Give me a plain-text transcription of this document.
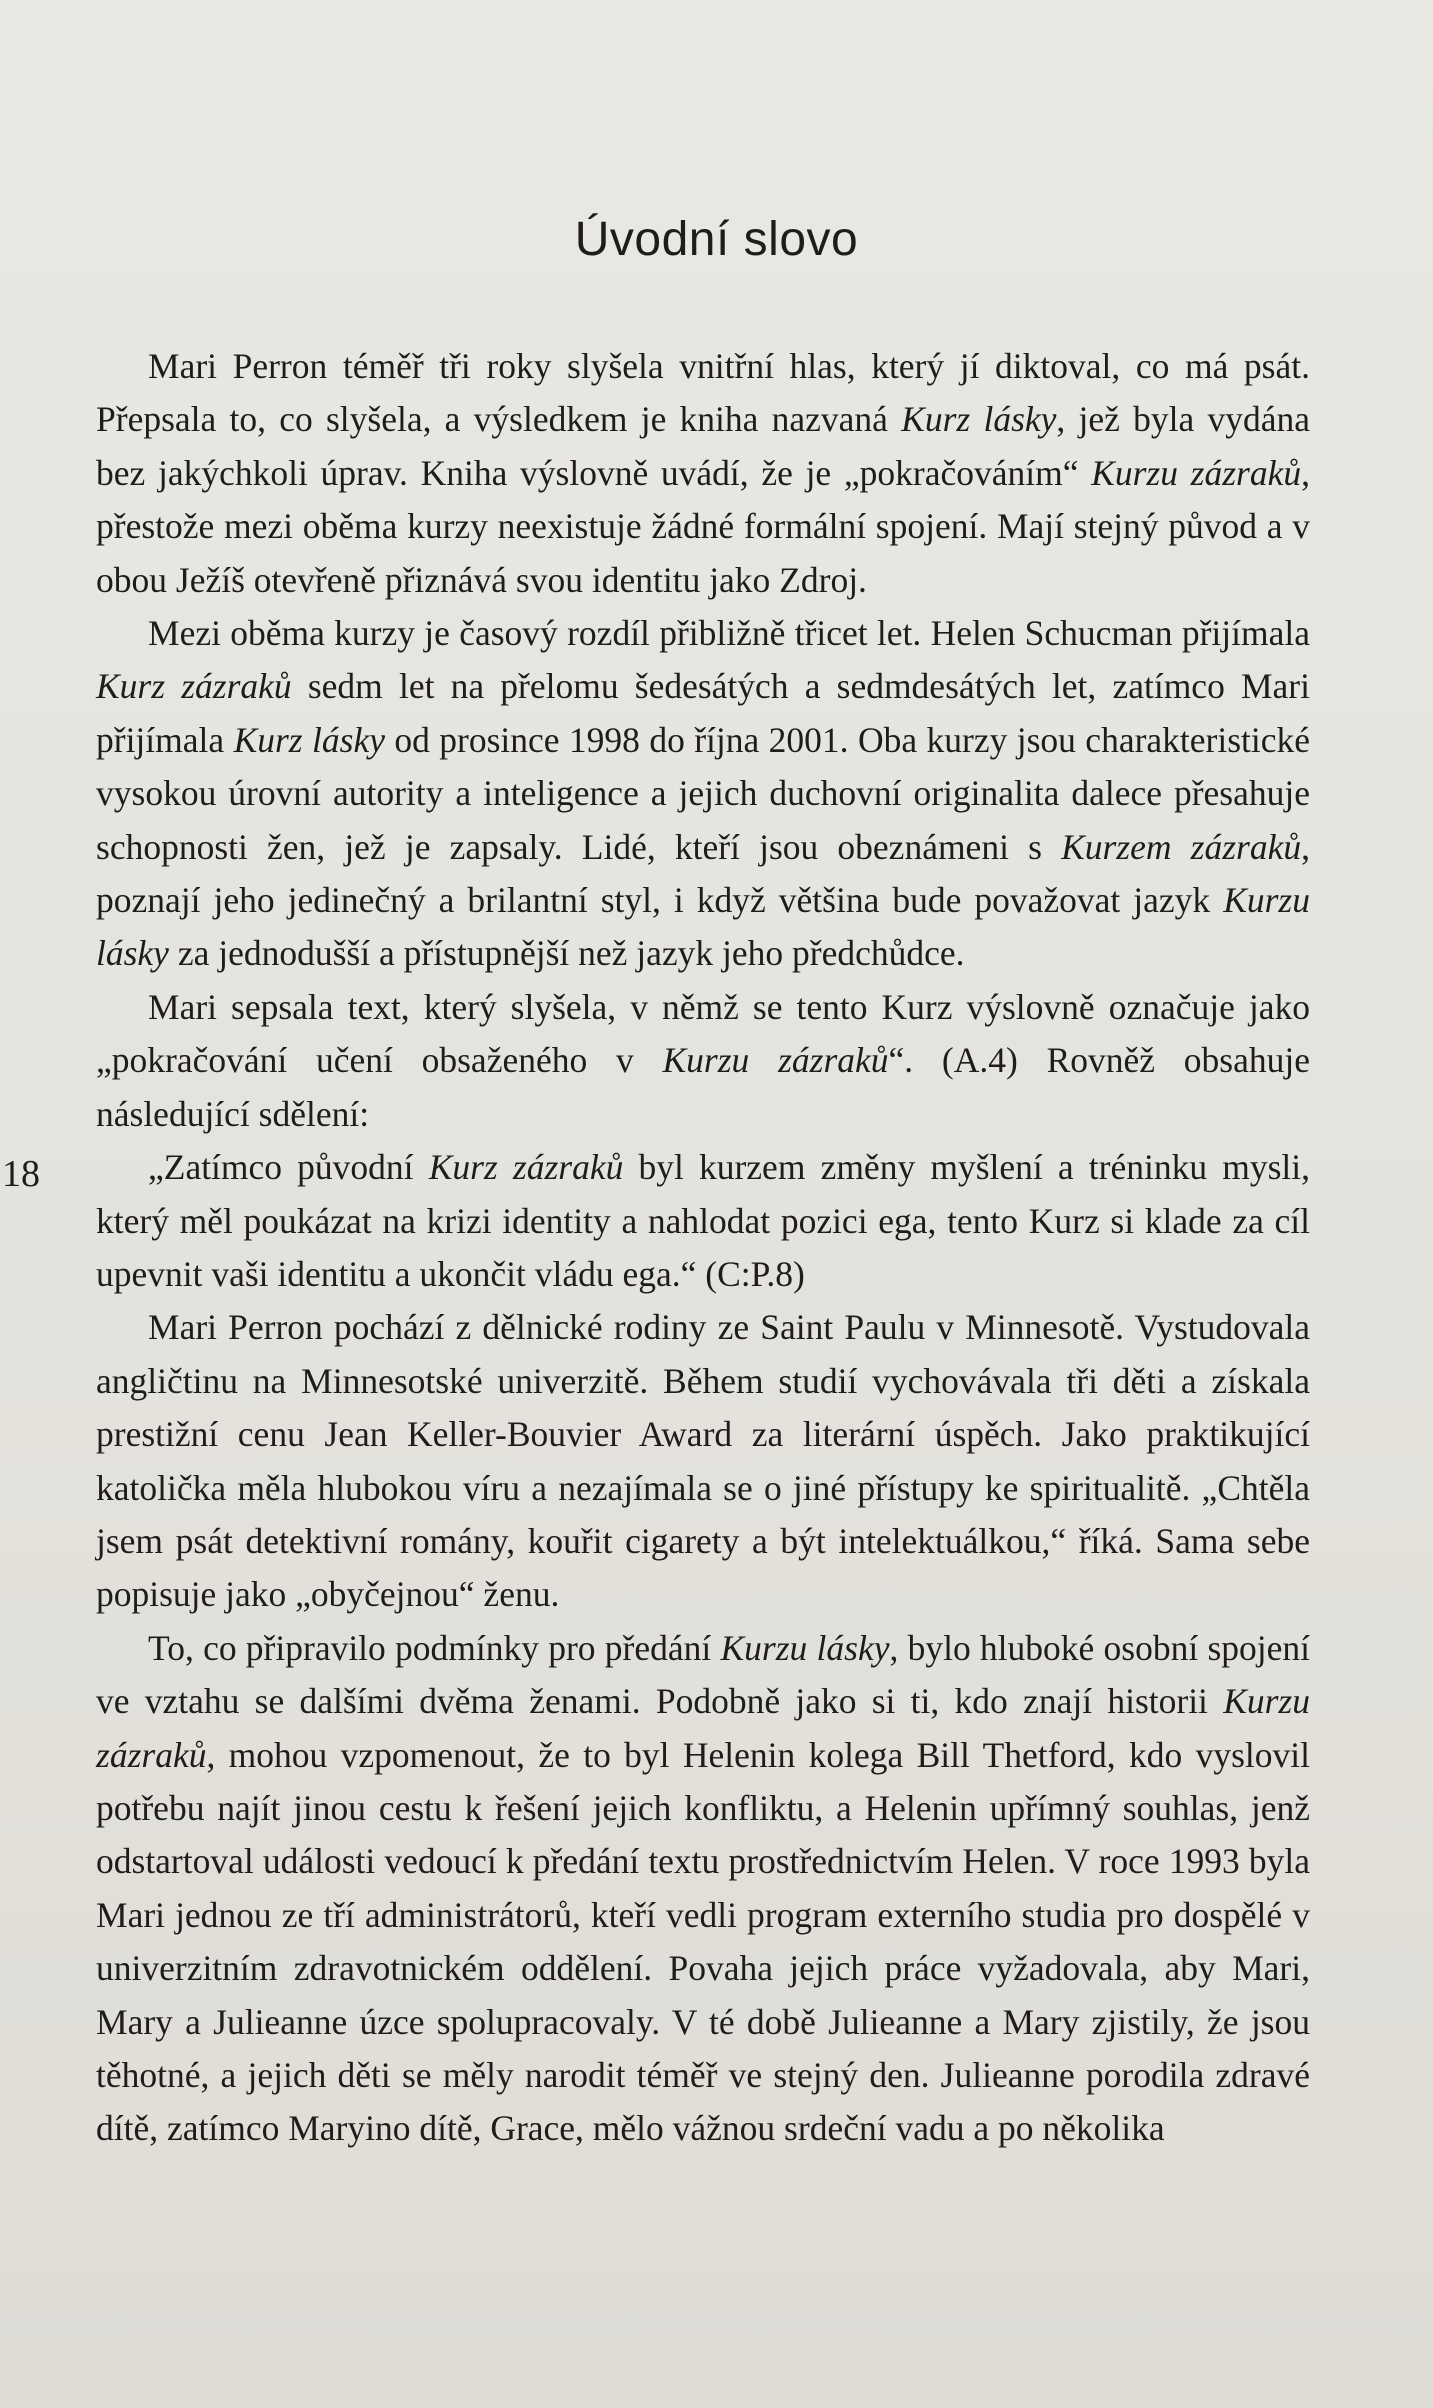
Úvodní slovo
18

Mari Perron téměř tři roky slyšela vnitřní hlas, který jí diktoval, co má psát. Přepsala to, co slyšela, a výsledkem je kniha nazvaná Kurz lásky, jež byla vydána bez jakýchkoli úprav. Kniha výslovně uvádí, že je „pokračováním“ Kurzu zázraků, přestože mezi oběma kurzy neexistuje žádné formální spojení. Mají stejný původ a v obou Ježíš otevřeně přiznává svou identitu jako Zdroj.

Mezi oběma kurzy je časový rozdíl přibližně třicet let. Helen Schucman přijímala Kurz zázraků sedm let na přelomu šedesátých a sedmdesátých let, zatímco Mari přijímala Kurz lásky od prosince 1998 do října 2001. Oba kurzy jsou charakteristické vysokou úrovní autority a inteligence a jejich duchovní originalita dalece přesahuje schopnosti žen, jež je zapsaly. Lidé, kteří jsou obeznámeni s Kurzem zázraků, poznají jeho jedinečný a brilantní styl, i když většina bude považovat jazyk Kurzu lásky za jednodušší a přístupnější než jazyk jeho předchůdce.

Mari sepsala text, který slyšela, v němž se tento Kurz výslovně označuje jako „pokračování učení obsaženého v Kurzu zázraků“. (A.4) Rovněž obsahuje následující sdělení:

„Zatímco původní Kurz zázraků byl kurzem změny myšlení a tréninku mysli, který měl poukázat na krizi identity a nahlodat pozici ega, tento Kurz si klade za cíl upevnit vaši identitu a ukončit vládu ega.“ (C:P.8)

Mari Perron pochází z dělnické rodiny ze Saint Paulu v Minnesotě. Vystudovala angličtinu na Minnesotské univerzitě. Během studií vychovávala tři děti a získala prestižní cenu Jean Keller-Bouvier Award za literární úspěch. Jako praktikující katolička měla hlubokou víru a nezajímala se o jiné přístupy ke spiritualitě. „Chtěla jsem psát detektivní romány, kouřit cigarety a být intelektuálkou,“ říká. Sama sebe popisuje jako „obyčejnou“ ženu.

To, co připravilo podmínky pro předání Kurzu lásky, bylo hluboké osobní spojení ve vztahu se dalšími dvěma ženami. Podobně jako si ti, kdo znají historii Kurzu zázraků, mohou vzpomenout, že to byl Helenin kolega Bill Thetford, kdo vyslovil potřebu najít jinou cestu k řešení jejich konfliktu, a Helenin upřímný souhlas, jenž odstartoval události vedoucí k předání textu prostřednictvím Helen. V roce 1993 byla Mari jednou ze tří administrátorů, kteří vedli program externího studia pro dospělé v univerzitním zdravotnickém oddělení. Povaha jejich práce vyžadovala, aby Mari, Mary a Julieanne úzce spolupracovaly. V té době Julieanne a Mary zjistily, že jsou těhotné, a jejich děti se měly narodit téměř ve stejný den. Julieanne porodila zdravé dítě, zatímco Maryino dítě, Grace, mělo vážnou srdeční vadu a po několika
